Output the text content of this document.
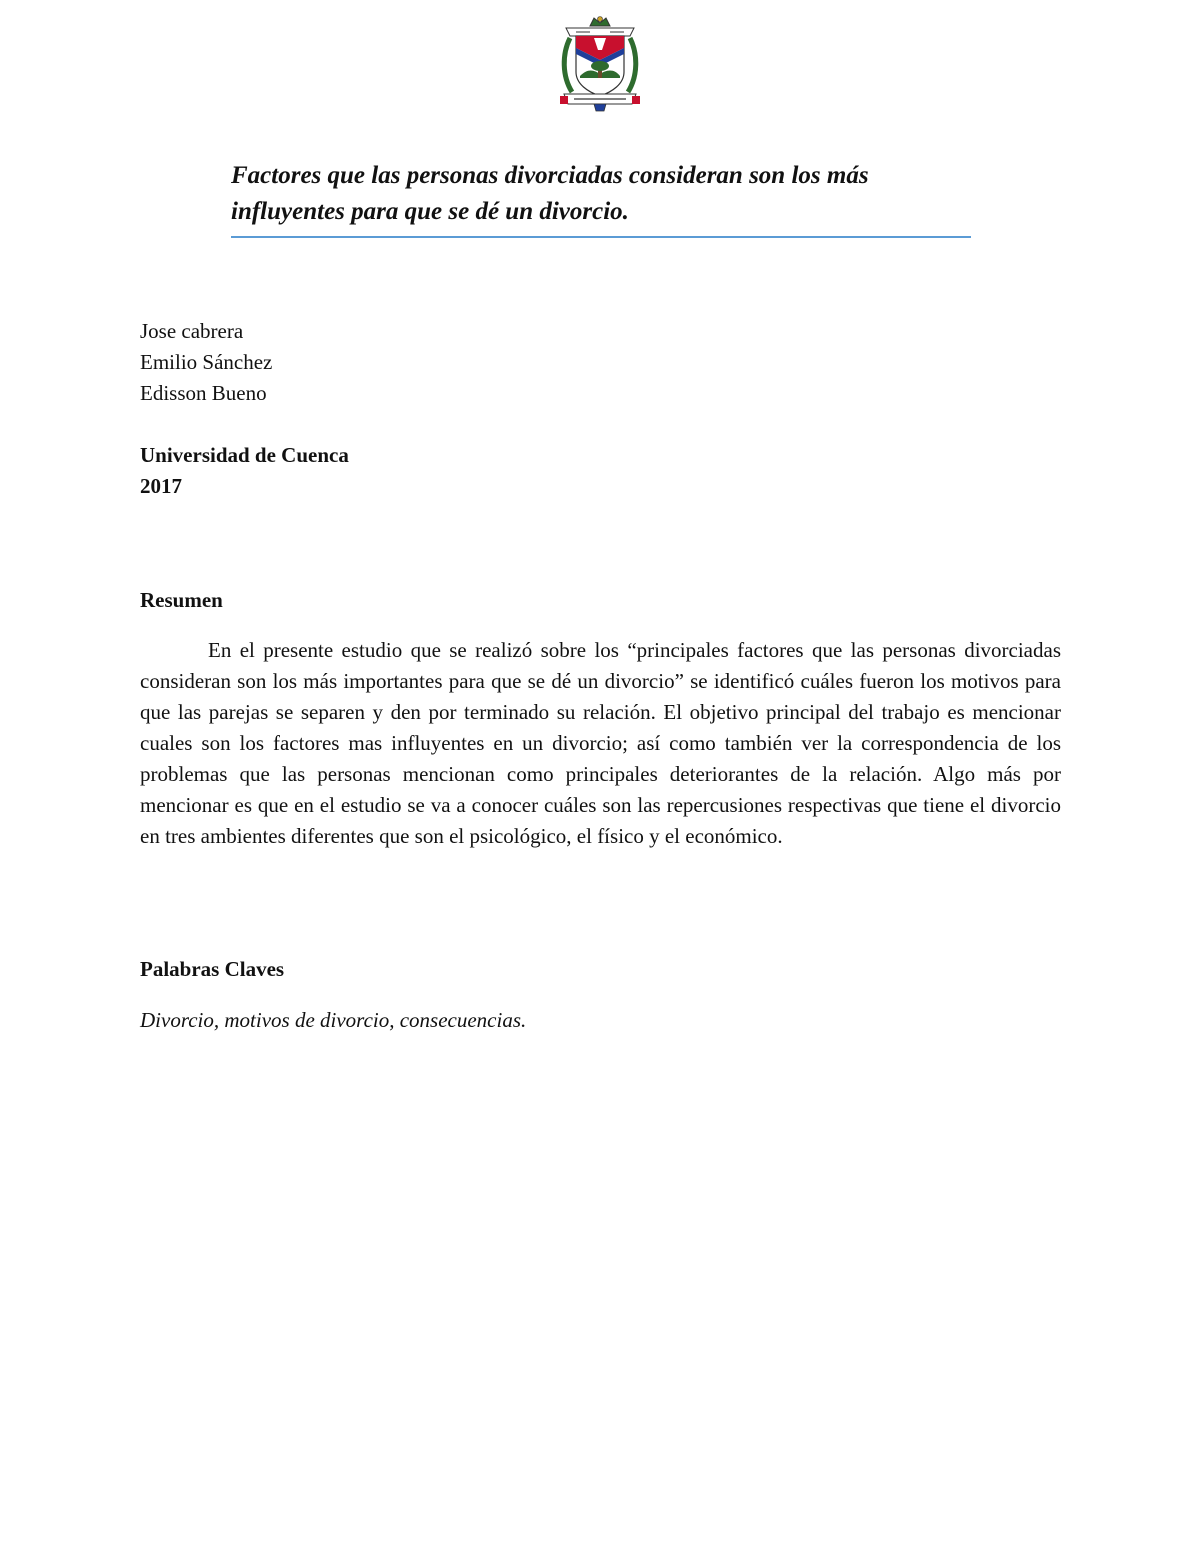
Factores que las personas divorciadas consideran son los más influyentes para que se dé un divorcio.
Jose cabrera
Emilio Sánchez
Edisson Bueno
Universidad de Cuenca
2017
Resumen

En el presente estudio que se realizó sobre los “principales factores que las personas divorciadas consideran son los más importantes para que se dé un divorcio” se identificó cuáles fueron los motivos para que las parejas se separen y den por terminado su relación. El objetivo principal del trabajo es mencionar cuales son los factores mas influyentes en un divorcio; así como también ver la correspondencia de los problemas que las personas mencionan como principales deteriorantes de la relación. Algo más por mencionar es que en el estudio se va a conocer cuáles son las repercusiones respectivas que tiene el divorcio en tres ambientes diferentes que son el psicológico, el físico y el económico.

Palabras Claves
Divorcio, motivos de divorcio, consecuencias.
